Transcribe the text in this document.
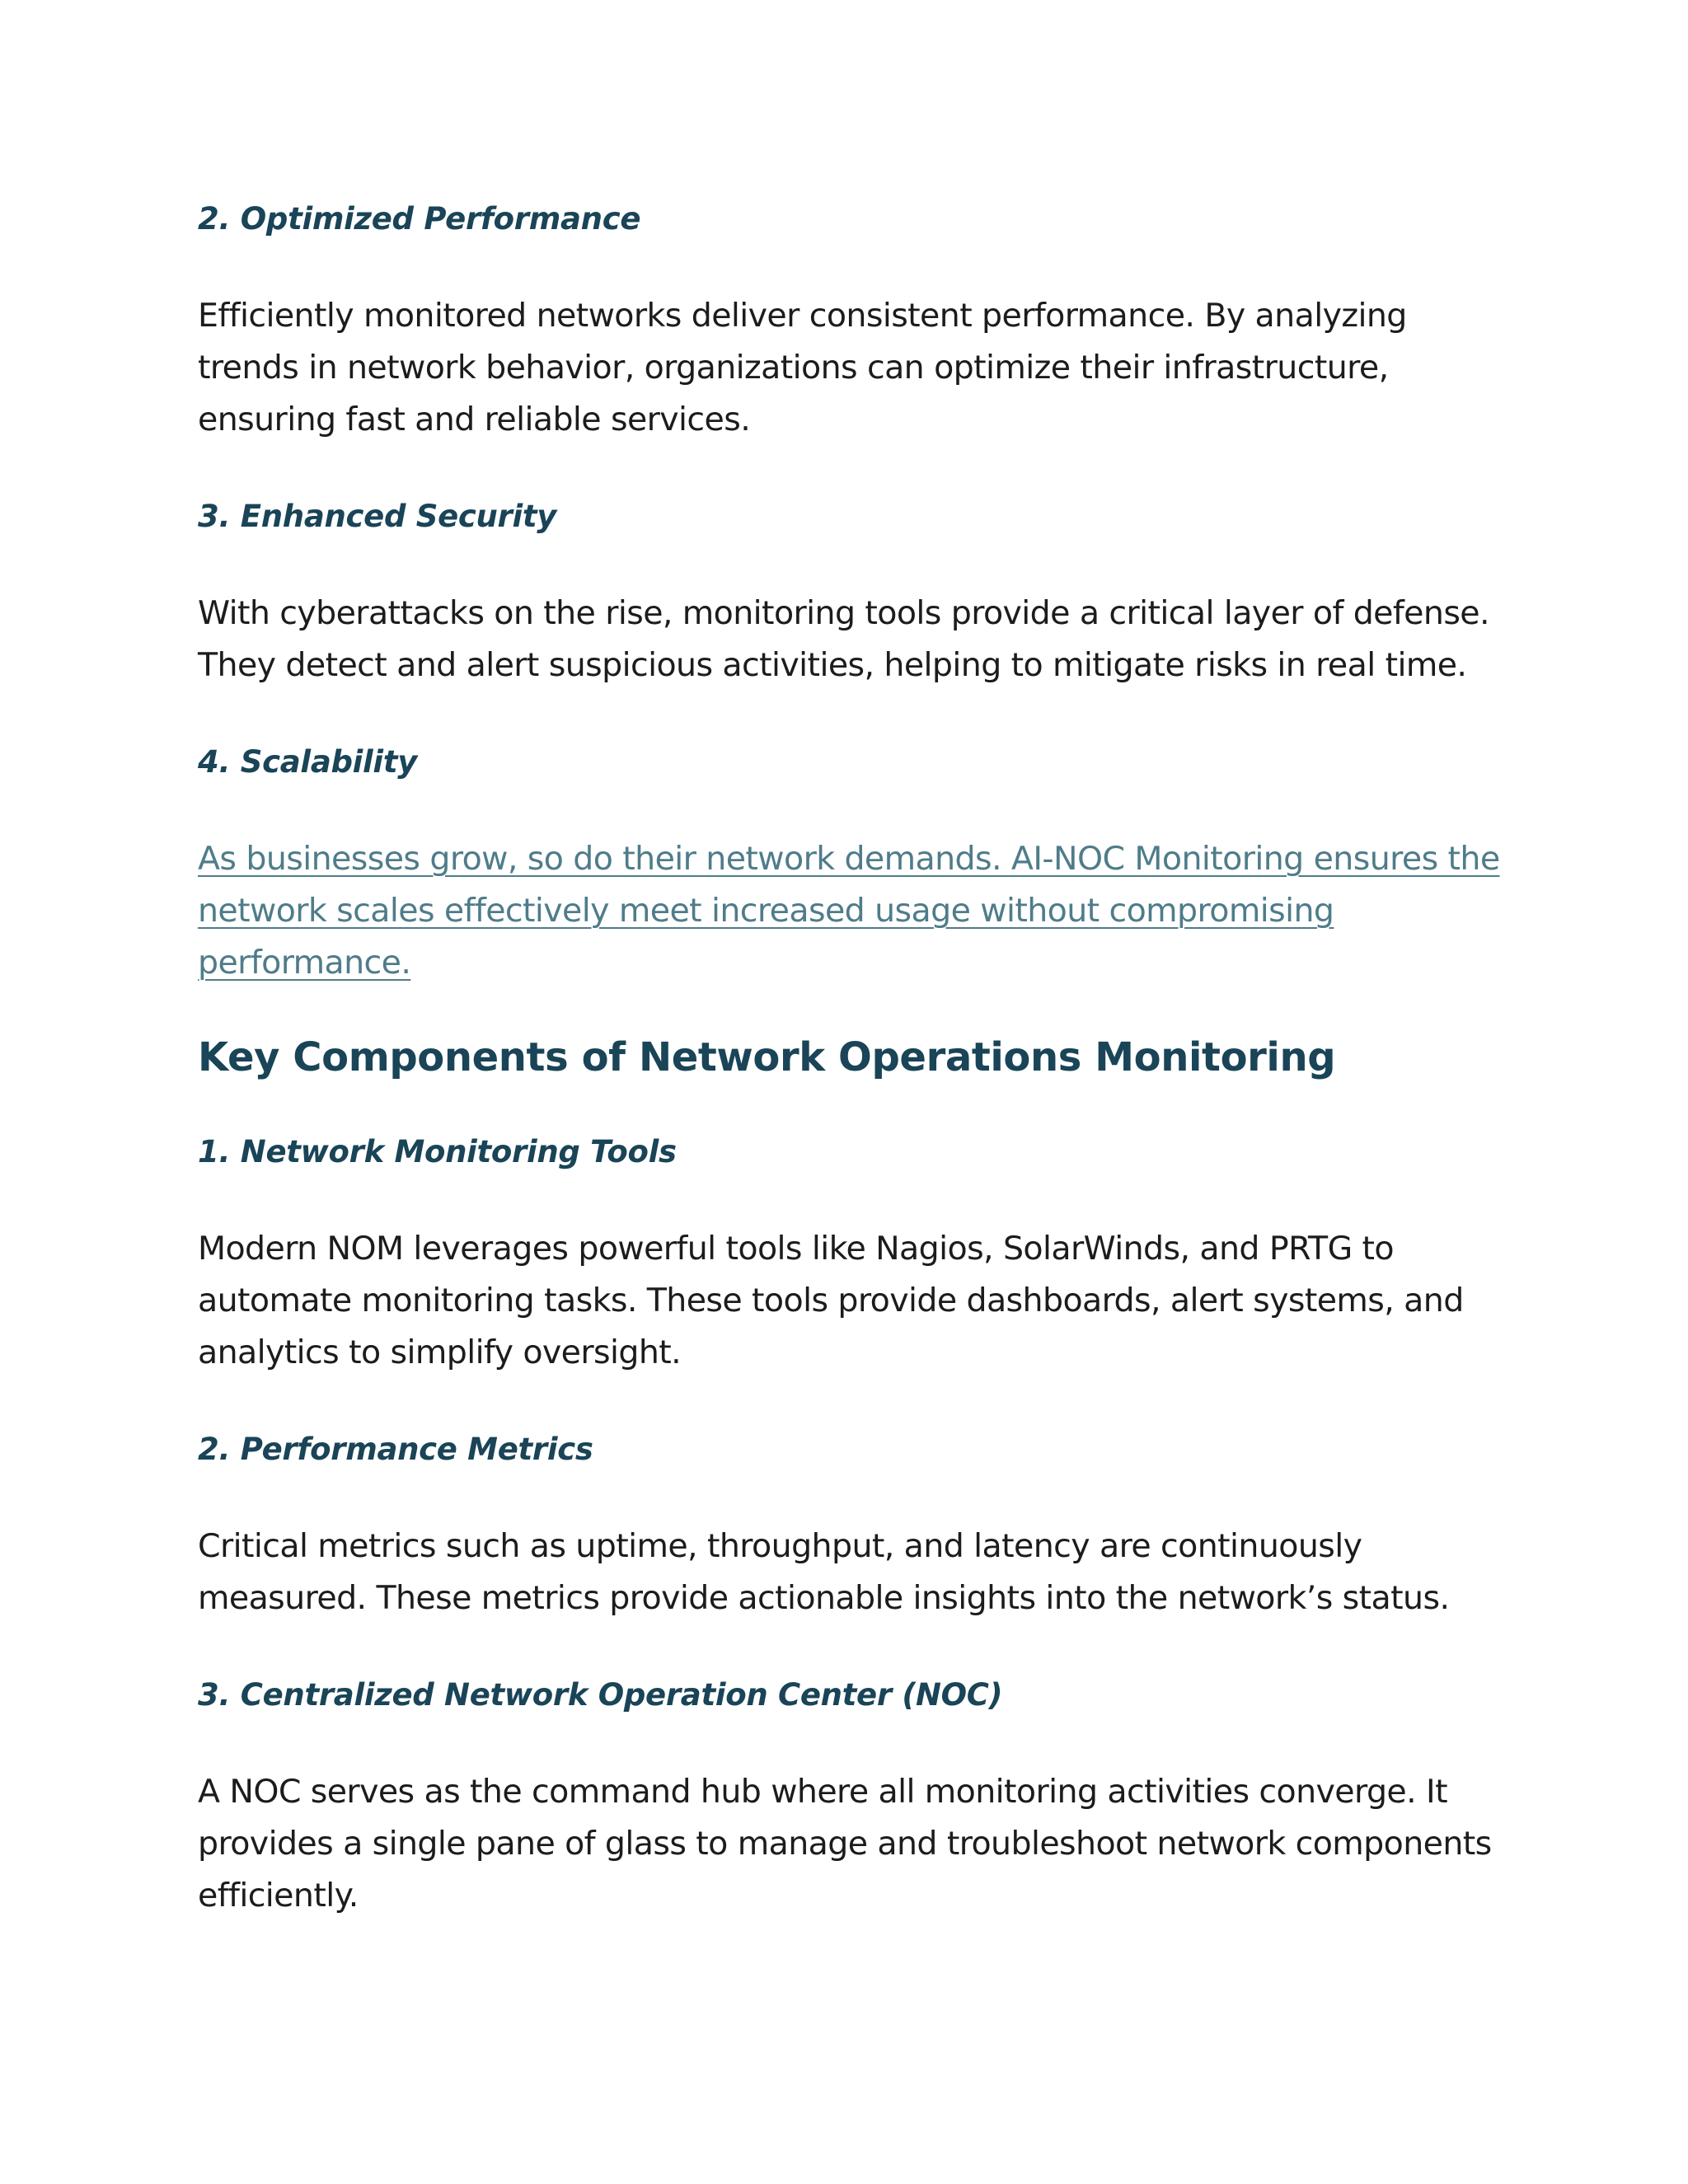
2. Optimized Performance

Efficiently monitored networks deliver consistent performance. By analyzing
trends in network behavior, organizations can optimize their infrastructure,
ensuring fast and reliable services.

3. Enhanced Security

With cyberattacks on the rise, monitoring tools provide a critical layer of defense.
They detect and alert suspicious activities, helping to mitigate risks in real time.

4. Scalability

As businesses grow, so do their network demands. AI-NOC Monitoring ensures the
network scales effectively meet increased usage without compromising
performance.

Key Components of Network Operations Monitoring
1. Network Monitoring Tools

Modern NOM leverages powerful tools like Nagios, SolarWinds, and PRTG to
automate monitoring tasks. These tools provide dashboards, alert systems, and
analytics to simplify oversight.

2. Performance Metrics

Critical metrics such as uptime, throughput, and latency are continuously
measured. These metrics provide actionable insights into the network’s status.

3. Centralized Network Operation Center (NOC)

A NOC serves as the command hub where all monitoring activities converge. It
provides a single pane of glass to manage and troubleshoot network components
efficiently.
